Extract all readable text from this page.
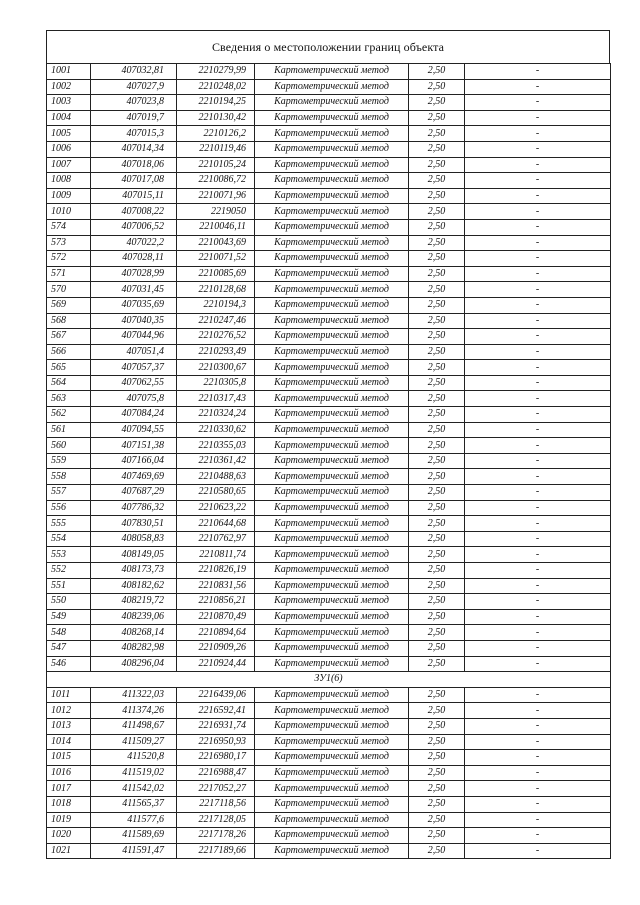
Сведения о местоположении границ объекта
1001	407032,81	2210279,99	Картометрический метод	2,50	-
1002	407027,9	2210248,02	Картометрический метод	2,50	-
1003	407023,8	2210194,25	Картометрический метод	2,50	-
1004	407019,7	2210130,42	Картометрический метод	2,50	-
1005	407015,3	2210126,2	Картометрический метод	2,50	-
1006	407014,34	2210119,46	Картометрический метод	2,50	-
1007	407018,06	2210105,24	Картометрический метод	2,50	-
1008	407017,08	2210086,72	Картометрический метод	2,50	-
1009	407015,11	2210071,96	Картометрический метод	2,50	-
1010	407008,22	2219050	Картометрический метод	2,50	-
574	407006,52	2210046,11	Картометрический метод	2,50	-
573	407022,2	2210043,69	Картометрический метод	2,50	-
572	407028,11	2210071,52	Картометрический метод	2,50	-
571	407028,99	2210085,69	Картометрический метод	2,50	-
570	407031,45	2210128,68	Картометрический метод	2,50	-
569	407035,69	2210194,3	Картометрический метод	2,50	-
568	407040,35	2210247,46	Картометрический метод	2,50	-
567	407044,96	2210276,52	Картометрический метод	2,50	-
566	407051,4	2210293,49	Картометрический метод	2,50	-
565	407057,37	2210300,67	Картометрический метод	2,50	-
564	407062,55	2210305,8	Картометрический метод	2,50	-
563	407075,8	2210317,43	Картометрический метод	2,50	-
562	407084,24	2210324,24	Картометрический метод	2,50	-
561	407094,55	2210330,62	Картометрический метод	2,50	-
560	407151,38	2210355,03	Картометрический метод	2,50	-
559	407166,04	2210361,42	Картометрический метод	2,50	-
558	407469,69	2210488,63	Картометрический метод	2,50	-
557	407687,29	2210580,65	Картометрический метод	2,50	-
556	407786,32	2210623,22	Картометрический метод	2,50	-
555	407830,51	2210644,68	Картометрический метод	2,50	-
554	408058,83	2210762,97	Картометрический метод	2,50	-
553	408149,05	2210811,74	Картометрический метод	2,50	-
552	408173,73	2210826,19	Картометрический метод	2,50	-
551	408182,62	2210831,56	Картометрический метод	2,50	-
550	408219,72	2210856,21	Картометрический метод	2,50	-
549	408239,06	2210870,49	Картометрический метод	2,50	-
548	408268,14	2210894,64	Картометрический метод	2,50	-
547	408282,98	2210909,26	Картометрический метод	2,50	-
546	408296,04	2210924,44	Картометрический метод	2,50	-
ЗУ1(6)					
1011	411322,03	2216439,06	Картометрический метод	2,50	-
1012	411374,26	2216592,41	Картометрический метод	2,50	-
1013	411498,67	2216931,74	Картометрический метод	2,50	-
1014	411509,27	2216950,93	Картометрический метод	2,50	-
1015	411520,8	2216980,17	Картометрический метод	2,50	-
1016	411519,02	2216988,47	Картометрический метод	2,50	-
1017	411542,02	2217052,27	Картометрический метод	2,50	-
1018	411565,37	2217118,56	Картометрический метод	2,50	-
1019	411577,6	2217128,05	Картометрический метод	2,50	-
1020	411589,69	2217178,26	Картометрический метод	2,50	-
1021	411591,47	2217189,66	Картометрический метод	2,50	-
